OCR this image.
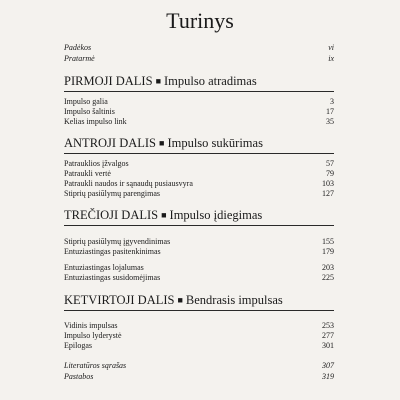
Turinys
Padėkos	vi
Pratarmė	ix
PIRMOJI DALIS ■ Impulso atradimas
Impulso galia	3
Impulso šaltinis	17
Kelias impulso link	35
ANTROJI DALIS ■ Impulso sukūrimas
Patrauklios įžvalgos	57
Patraukli vertė	79
Patraukli naudos ir sąnaudų pusiausvyra	103
Stiprių pasiūlymų parengimas	127
TREČIOJI DALIS ■ Impulso įdiegimas
Stiprių pasiūlymų įgyvendinimas	155
Entuziastingas pasitenkinimas	179
Entuziastingas lojalumas	203
Entuziastingas susidomėjimas	225
KETVIRTOJI DALIS ■ Bendrasis impulsas
Vidinis impulsas	253
Impulso lyderystė	277
Epilogas	301
Literatūros sąrašas	307
Pastabos	319
